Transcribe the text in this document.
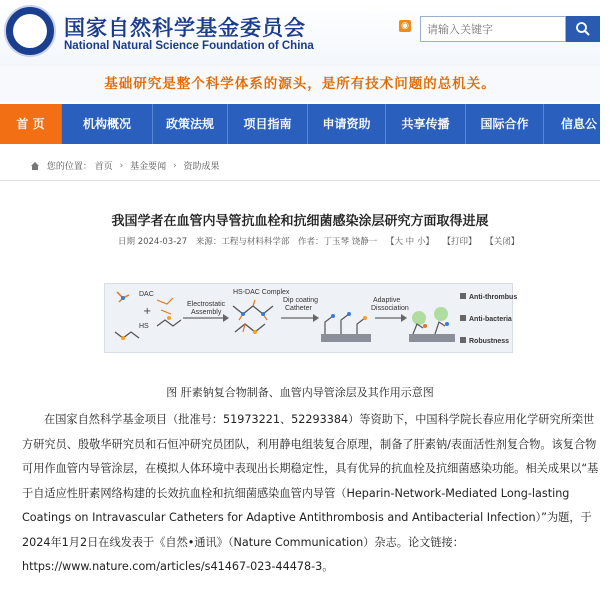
1986
国家自然科学基金委员会
National Natural Science Foundation of China
◉
请输入关键字
基础研究是整个科学体系的源头，是所有技术问题的总机关。
首 页	机构概况	政策法规	项目指南	申请资助	共享传播	国际合作	信息公
您的位置： 首页 › 基金要闻 › 资助成果
我国学者在血管内导管抗血栓和抗细菌感染涂层研究方面取得进展
日期 2024-03-27 来源：工程与材料科学部 作者：丁玉琴 饶静一 【大 中 小】 【打印】 【关闭】
DAC
+
HS
Electrostatic
Assembly
HS-DAC Complex
Dip coating
Catheter
Adaptive
Dissociation
Anti-thrombus
Anti-bacteria
Robustness
图 肝素钠复合物制备、血管内导管涂层及其作用示意图

在国家自然科学基金项目（批准号：51973221、52293384）等资助下，中国科学院长春应用化学研究所栾世方研究员、殷敬华研究员和石恒冲研究员团队，利用静电组装复合原理，制备了肝素钠/表面活性剂复合物。该复合物可用作血管内导管涂层，在模拟人体环境中表现出长期稳定性，具有优异的抗血栓及抗细菌感染功能。相关成果以“基于自适应性肝素网络构建的长效抗血栓和抗细菌感染血管内导管（Heparin-Network-Mediated Long-lasting Coatings on Intravascular Catheters for Adaptive Antithrombosis and Antibacterial Infection）”为题，于2024年1月2日在线发表于《自然•通讯》（Nature Communication）杂志。论文链接：https://www.nature.com/articles/s41467-023-44478-3。
